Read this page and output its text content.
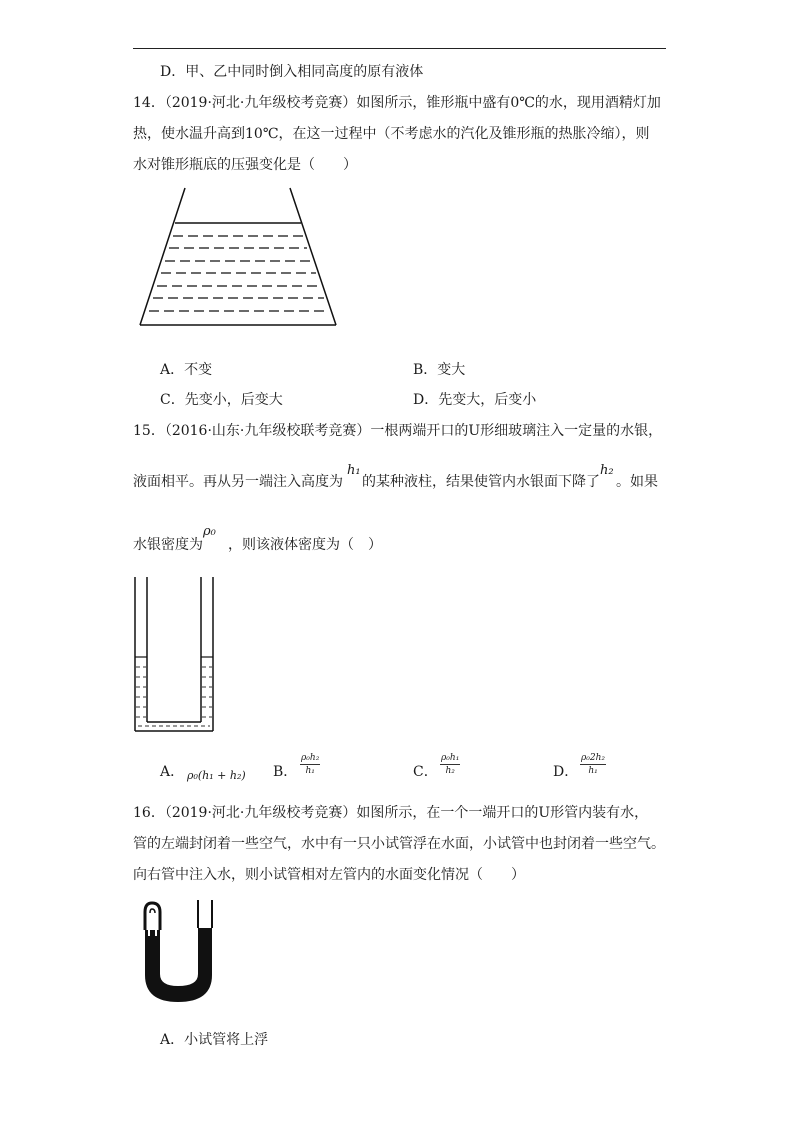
D．甲、乙中同时倒入相同高度的原有液体
14．（2019·河北·九年级校考竞赛）如图所示，锥形瓶中盛有0℃的水，现用酒精灯加
热，使水温升高到10℃，在这一过程中（不考虑水的汽化及锥形瓶的热胀冷缩），则
水对锥形瓶底的压强变化是（　　）
A．不变	B．变大
C．先变小，后变大	D．先变大，后变小
15．（2016·山东·九年级校联考竞赛）一根两端开口的U形细玻璃注入一定量的水银，
液面相平。再从另一端注入高度为
h₁
的某种液柱，结果使管内水银面下降了
h₂
。如果
水银密度为
ρ₀
，则该液体密度为（　）
A． ρ₀(h₁ + h₂) B． $\frac{\text{ρ₀h₂}}{\text{h₁}}$	C． $\frac{\text{ρ₀h₁}}{\text{h₂}}$	D． $\frac{\text{ρ₀2h₂}}{\text{h₁}}$
16．（2019·河北·九年级校考竞赛）如图所示，在一个一端开口的U形管内装有水，
管的左端封闭着一些空气，水中有一只小试管浮在水面，小试管中也封闭着一些空气。
向右管中注入水，则小试管相对左管内的水面变化情况（　　）
A．小试管将上浮
